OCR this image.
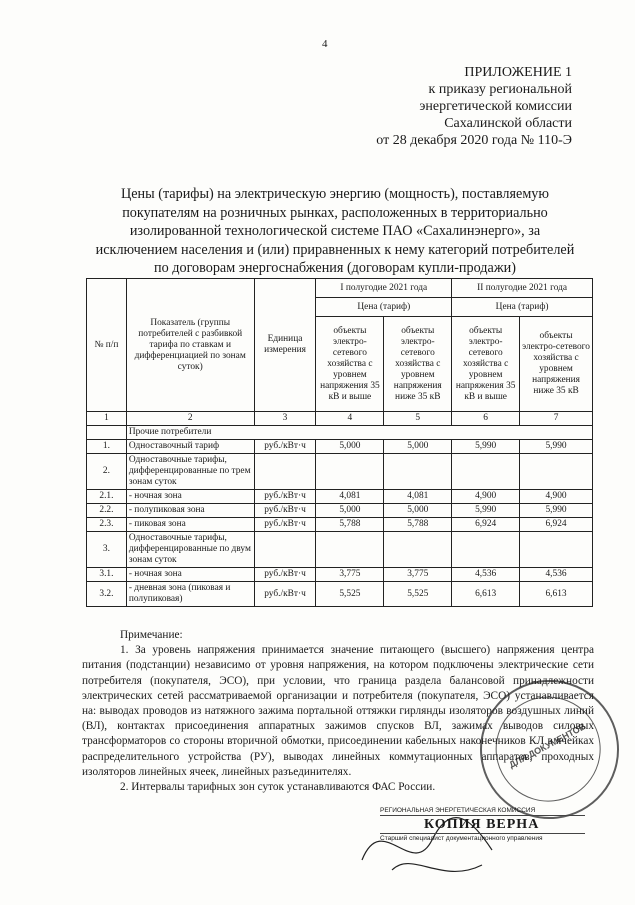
4
ПРИЛОЖЕНИЕ 1
к приказу региональной
энергетической комиссии
Сахалинской области
от 28 декабря 2020 года № 110-Э
Цены (тарифы) на электрическую энергию (мощность), поставляемую
покупателям на розничных рынках, расположенных в территориально
изолированной технологической системе ПАО «Сахалинэнерго», за
исключением населения и (или) приравненных к нему категорий потребителей
по договорам энергоснабжения (договорам купли-продажи)
№ п/п	Показатель (группы потребителей с разбивкой тарифа по ставкам и дифференциацией по зонам суток)	Единица измерения	I полугодие 2021 года		II полугодие 2021 года	
			Цена (тариф)		Цена (тариф)	
			объекты электро-сетевого хозяйства с уровнем напряжения 35 кВ и выше	объекты электро-сетевого хозяйства с уровнем напряжения ниже 35 кВ	объекты электро-сетевого хозяйства с уровнем напряжения 35 кВ и выше	объекты электро-сетевого хозяйства с уровнем напряжения ниже 35 кВ
1	2	3	4	5	6	7
	Прочие потребители					
1.	Одноставочный тариф	руб./кВт·ч	5,000	5,000	5,990	5,990
2.	Одноставочные тарифы, дифференцированные по трем зонам суток					
2.1.	- ночная зона	руб./кВт·ч	4,081	4,081	4,900	4,900
2.2.	- полупиковая зона	руб./кВт·ч	5,000	5,000	5,990	5,990
2.3.	- пиковая зона	руб./кВт·ч	5,788	5,788	6,924	6,924
3.	Одноставочные тарифы, дифференцированные по двум зонам суток					
3.1.	- ночная зона	руб./кВт·ч	3,775	3,775	4,536	4,536
3.2.	- дневная зона (пиковая и полупиковая)	руб./кВт·ч	5,525	5,525	6,613	6,613

Примечание:

1. За уровень напряжения принимается значение питающего (высшего) напряжения центра питания (подстанции) независимо от уровня напряжения, на котором подключены электрические сети потребителя (покупателя, ЭСО), при условии, что граница раздела балансовой принадлежности электрических сетей рассматриваемой организации и потребителя (покупателя, ЭСО) устанавливается на: выводах проводов из натяжного зажима портальной оттяжки гирлянды изоляторов воздушных линий (ВЛ), контактах присоединения аппаратных зажимов спусков ВЛ, зажимах выводов силовых трансформаторов со стороны вторичной обмотки, присоединении кабельных наконечников КЛ в ячейках распределительного устройства (РУ), выводах линейных коммутационных аппаратов, проходных изоляторов линейных ячеек, линейных разъединителях.

2. Интервалы тарифных зон суток устанавливаются ФАС России.

ДЛЯ ДОКУМЕНТОВ
РЕГИОНАЛЬНАЯ ЭНЕРГЕТИЧЕСКАЯ КОМИССИЯ
КОПИЯ ВЕРНА
Старший специалист документационного управления
